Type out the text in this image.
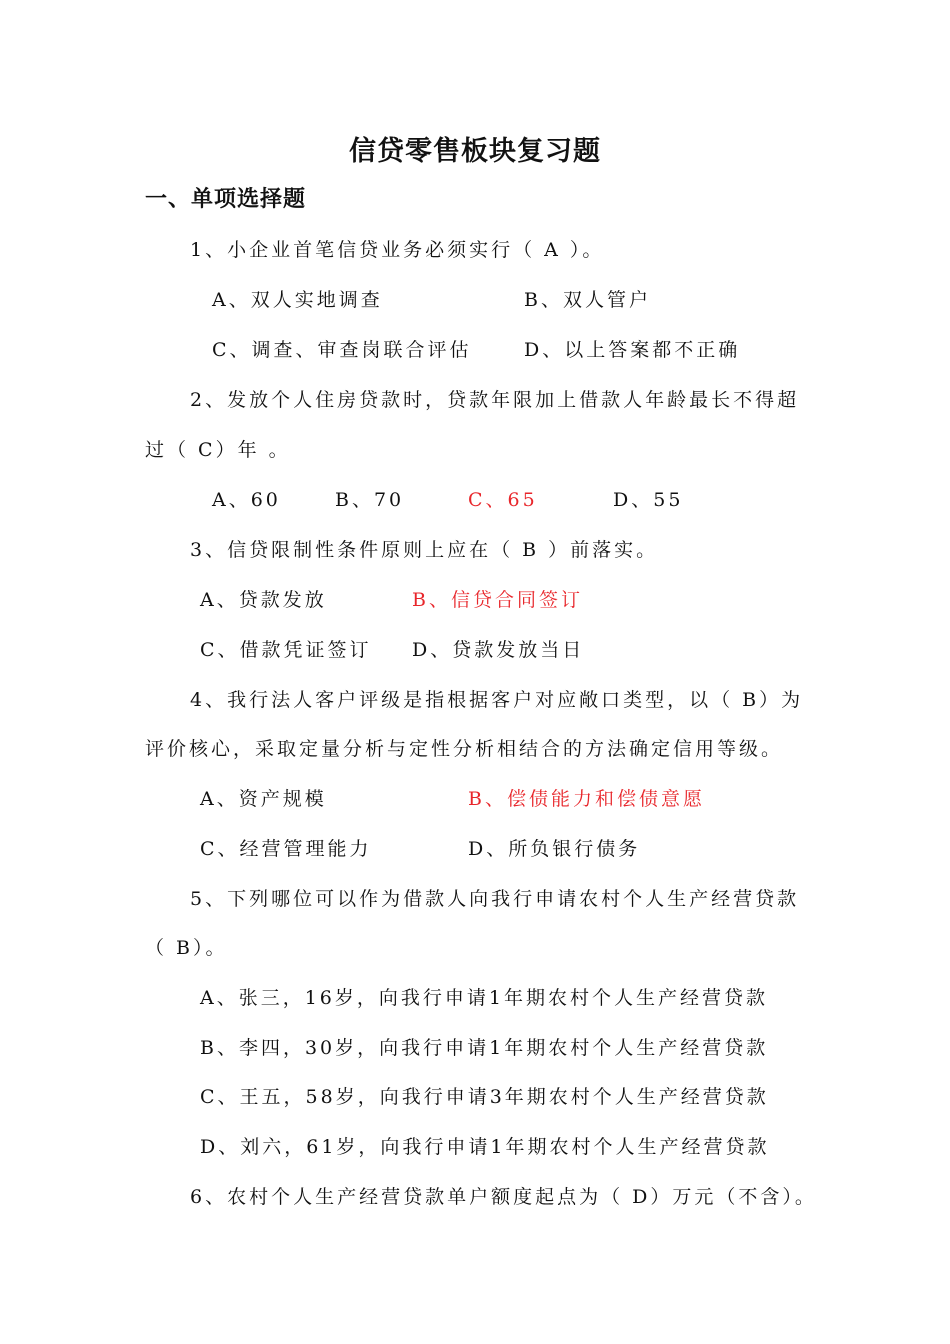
信贷零售板块复习题
一、单项选择题
1、小企业首笔信贷业务必须实行（ A ）。
A、双人实地调查	B、双人管户
C、调查、审查岗联合评估	D、以上答案都不正确
2、发放个人住房贷款时，贷款年限加上借款人年龄最长不得超
过（ C）年 。
A、60	B、70	C、65	D、55
3、信贷限制性条件原则上应在（ B ）前落实。
A、贷款发放	B、信贷合同签订
C、借款凭证签订 D、贷款发放当日
4、我行法人客户评级是指根据客户对应敞口类型，以（ B）为
评价核心，采取定量分析与定性分析相结合的方法确定信用等级。
A、资产规模	B、偿债能力和偿债意愿
C、经营管理能力	D、所负银行债务
5、下列哪位可以作为借款人向我行申请农村个人生产经营贷款
（ B）。
A、张三，16岁，向我行申请1年期农村个人生产经营贷款
B、李四，30岁，向我行申请1年期农村个人生产经营贷款
C、王五，58岁，向我行申请3年期农村个人生产经营贷款
D、刘六，61岁，向我行申请1年期农村个人生产经营贷款
6、农村个人生产经营贷款单户额度起点为（ D）万元（不含）。
